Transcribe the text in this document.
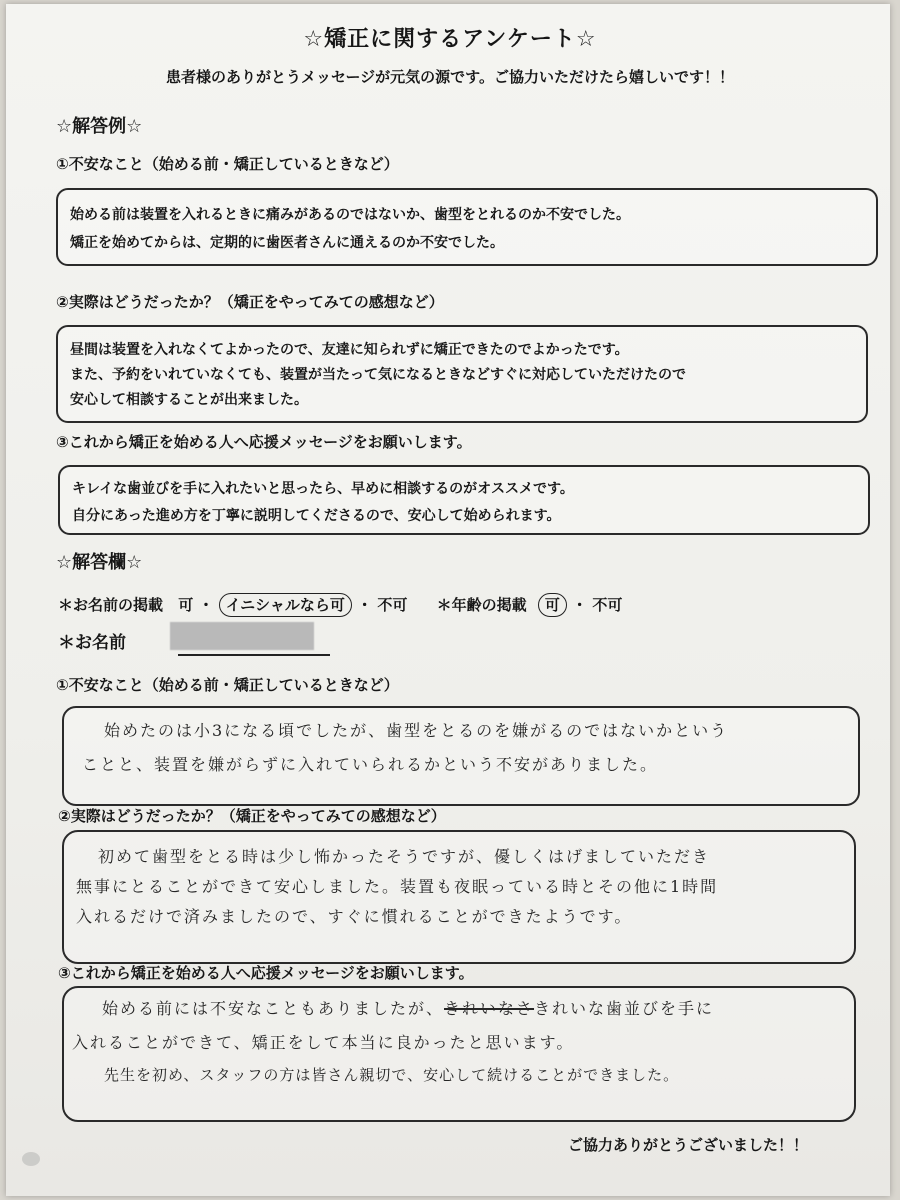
☆矯正に関するアンケート☆
患者様のありがとうメッセージが元気の源です。ご協力いただけたら嬉しいです！！
☆解答例☆
①不安なこと（始める前・矯正しているときなど）
始める前は装置を入れるときに痛みがあるのではないか、歯型をとれるのか不安でした。
矯正を始めてからは、定期的に歯医者さんに通えるのか不安でした。
②実際はどうだったか？（矯正をやってみての感想など）
昼間は装置を入れなくてよかったので、友達に知られずに矯正できたのでよかったです。
また、予約をいれていなくても、装置が当たって気になるときなどすぐに対応していただけたので
安心して相談することが出来ました。
③これから矯正を始める人へ応援メッセージをお願いします。
キレイな歯並びを手に入れたいと思ったら、早めに相談するのがオススメです。
自分にあった進め方を丁寧に説明してくださるので、安心して始められます。
☆解答欄☆
＊お名前の掲載 可 ・ イニシャルなら可 ・ 不可 ＊年齢の掲載 可 ・ 不可
＊お名前
①不安なこと（始める前・矯正しているときなど）
始めたのは小3になる頃でしたが、歯型をとるのを嫌がるのではないかという
ことと、装置を嫌がらずに入れていられるかという不安がありました。
②実際はどうだったか？（矯正をやってみての感想など）
初めて歯型をとる時は少し怖かったそうですが、優しくはげましていただき
無事にとることができて安心しました。装置も夜眠っている時とその他に1時間
入れるだけで済みましたので、すぐに慣れることができたようです。
③これから矯正を始める人へ応援メッセージをお願いします。
始める前には不安なこともありましたが、きれいなさきれいな歯並びを手に
入れることができて、矯正をして本当に良かったと思います。
先生を初め、スタッフの方は皆さん親切で、安心して続けることができました。
ご協力ありがとうございました！！
